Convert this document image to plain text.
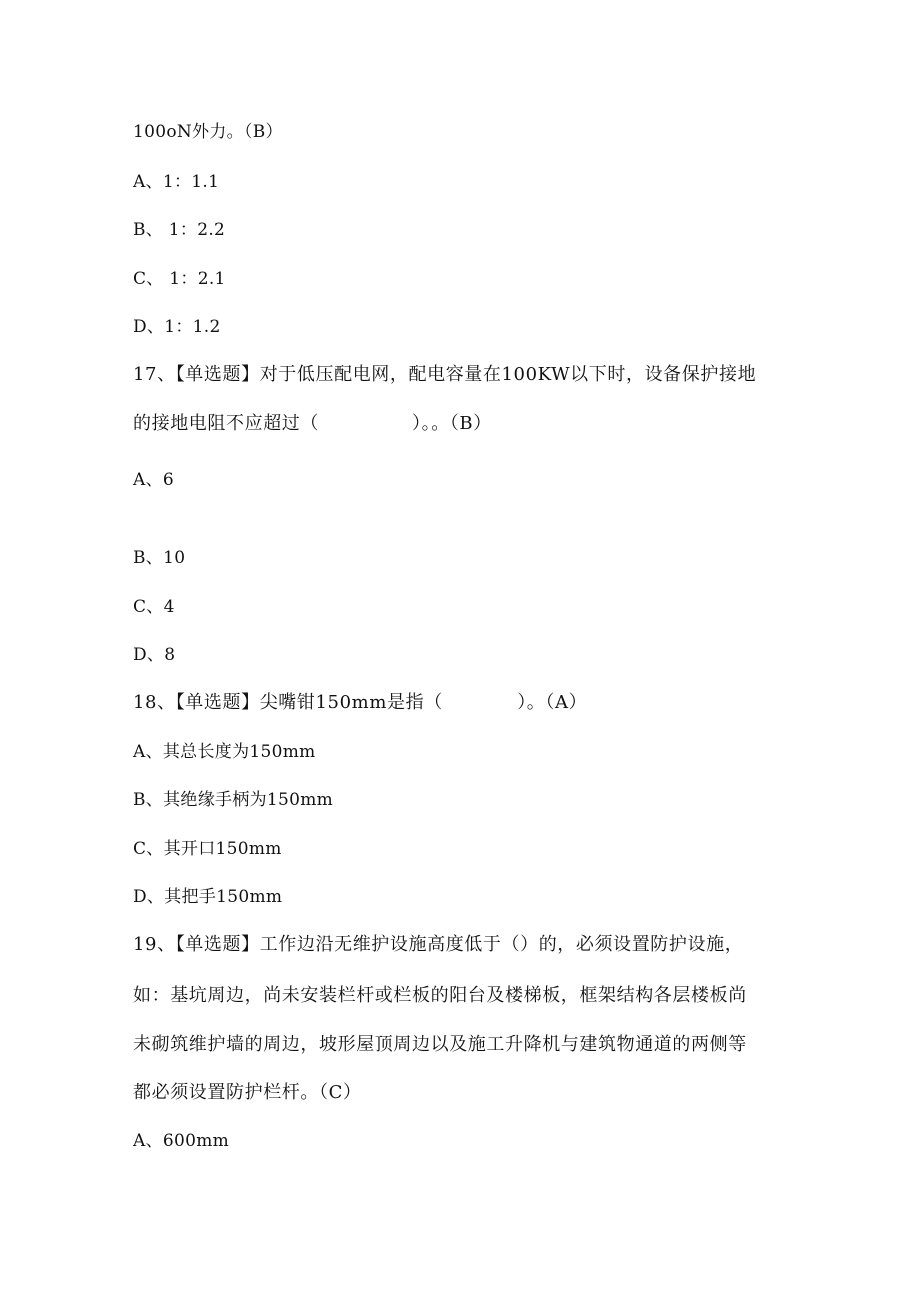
100oN外力。（B）

A、1：1.1

B、 1：2.2

C、 1：2.1

D、1：1.2

17、【单选题】对于低压配电网，配电容量在100KW以下时，设备保护接地

的接地电阻不应超过（　　　　　）。。（B）

A、6

B、10

C、4

D、8

18、【单选题】尖嘴钳150mm是指（　　　　）。（A）

A、其总长度为150mm

B、其绝缘手柄为150mm

C、其开口150mm

D、其把手150mm

19、【单选题】工作边沿无维护设施高度低于（）的，必须设置防护设施，

如：基坑周边，尚未安装栏杆或栏板的阳台及楼梯板，框架结构各层楼板尚

未砌筑维护墙的周边，坡形屋顶周边以及施工升降机与建筑物通道的两侧等

都必须设置防护栏杆。（C）

A、600mm
